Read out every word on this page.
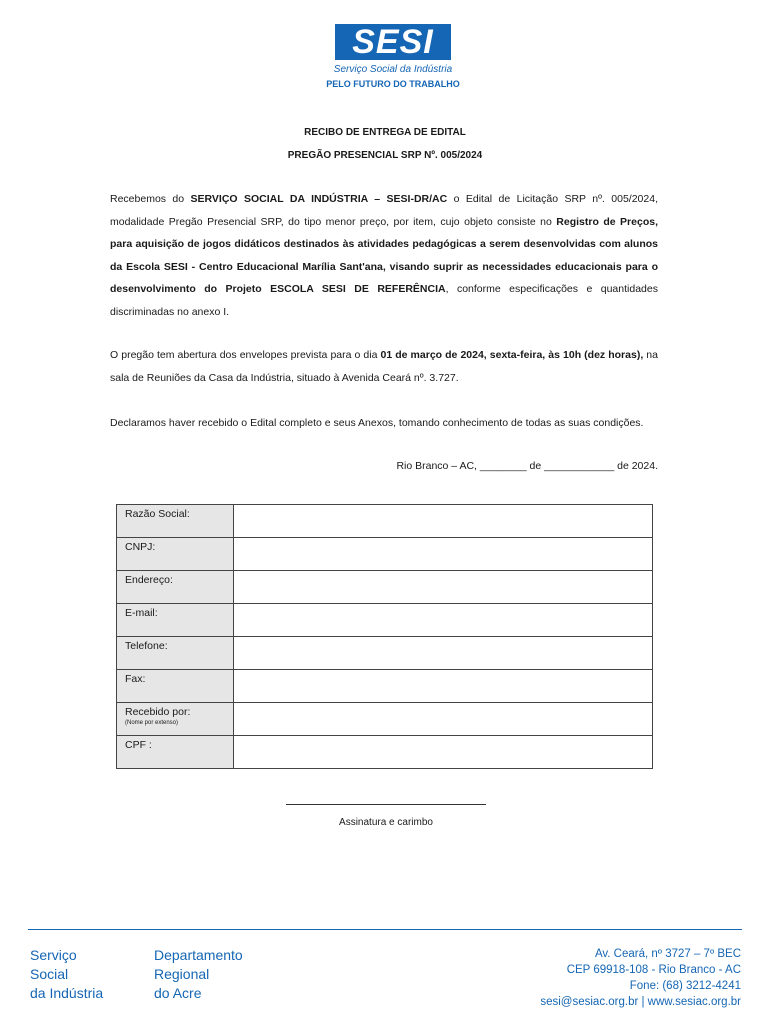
SESI
Serviço Social da Indústria
PELO FUTURO DO TRABALHO
RECIBO DE ENTREGA DE EDITAL
PREGÃO PRESENCIAL SRP Nº. 005/2024

Recebemos do SERVIÇO SOCIAL DA INDÚSTRIA – SESI-DR/AC o Edital de Licitação SRP nº. 005/2024, modalidade Pregão Presencial SRP, do tipo menor preço, por item, cujo objeto consiste no Registro de Preços, para aquisição de jogos didáticos destinados às atividades pedagógicas a serem desenvolvidas com alunos da Escola SESI - Centro Educacional Marília Sant'ana, visando suprir as necessidades educacionais para o desenvolvimento do Projeto ESCOLA SESI DE REFERÊNCIA, conforme especificações e quantidades discriminadas no anexo I.

O pregão tem abertura dos envelopes prevista para o dia 01 de março de 2024, sexta-feira, às 10h (dez horas), na sala de Reuniões da Casa da Indústria, situado à Avenida Ceará nº. 3.727.

Declaramos haver recebido o Edital completo e seus Anexos, tomando conhecimento de todas as suas condições.

Rio Branco – AC, ________ de ____________ de 2024.
Razão Social:	
CNPJ:	
Endereço:	
E-mail:	
Telefone:	
Fax:	
Recebido por:
(Nome por extenso)	

CPF :	
Assinatura e carimbo
Serviço
Social
da Indústria
Departamento
Regional
do Acre
Av. Ceará, nº 3727 – 7º BEC
CEP 69918-108 - Rio Branco - AC
Fone: (68) 3212-4241
sesi@sesiac.org.br | www.sesiac.org.br
